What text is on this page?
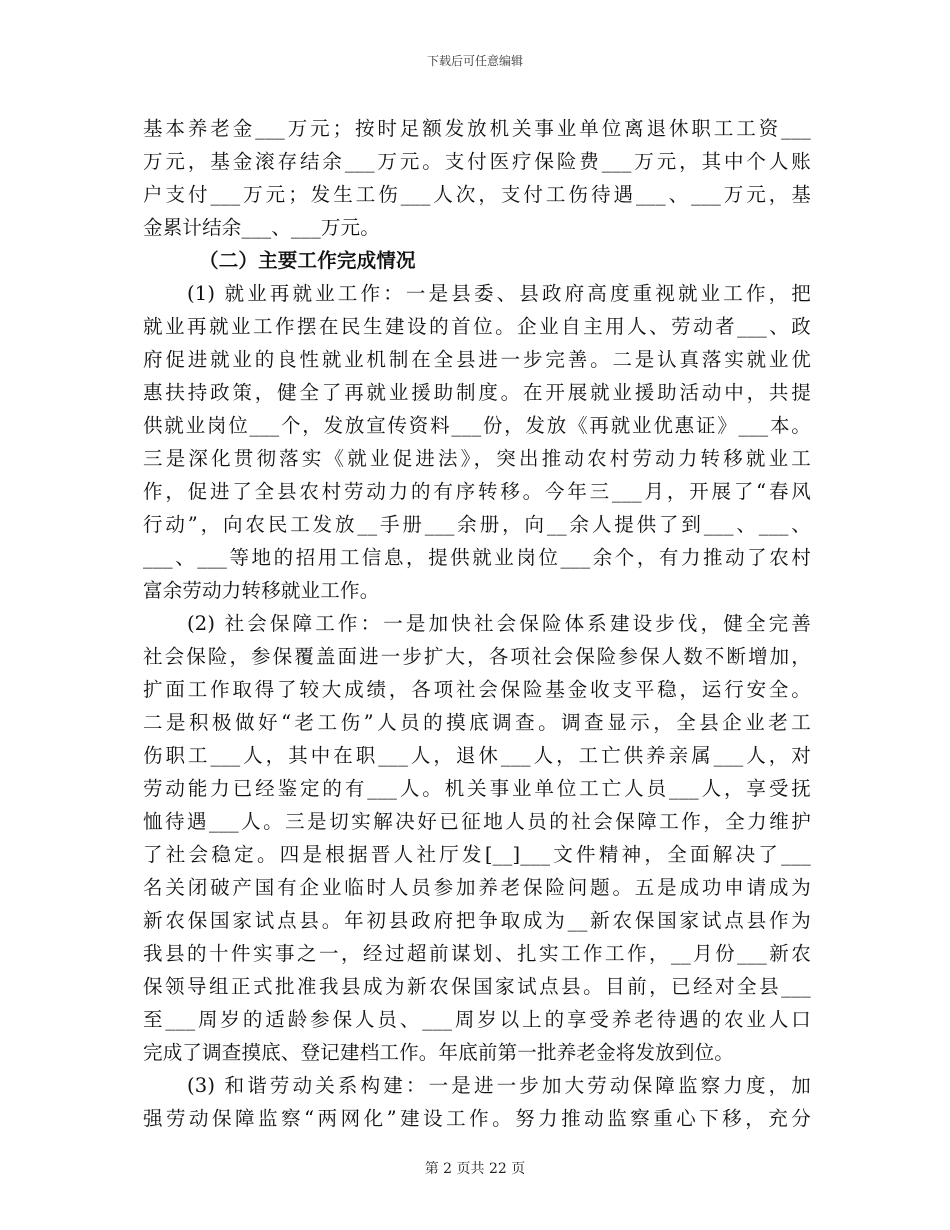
下载后可任意编辑
基本养老金___万元；按时足额发放机关事业单位离退休职工工资___
万元，基金滚存结余___万元。支付医疗保险费___万元，其中个人账
户支付___万元；发生工伤___人次，支付工伤待遇___、___万元，基
金累计结余___、___万元。
（二）主要工作完成情况
(1) 就业再就业工作：一是县委、县政府高度重视就业工作，把
就业再就业工作摆在民生建设的首位。企业自主用人、劳动者___、政
府促进就业的良性就业机制在全县进一步完善。二是认真落实就业优
惠扶持政策，健全了再就业援助制度。在开展就业援助活动中，共提
供就业岗位___个，发放宣传资料___份，发放《再就业优惠证》___本。
三是深化贯彻落实《就业促进法》，突出推动农村劳动力转移就业工
作，促进了全县农村劳动力的有序转移。今年三___月，开展了“春风
行动”，向农民工发放__手册___余册，向__余人提供了到___、___、
___、___等地的招用工信息，提供就业岗位___余个，有力推动了农村
富余劳动力转移就业工作。
(2) 社会保障工作：一是加快社会保险体系建设步伐，健全完善
社会保险，参保覆盖面进一步扩大，各项社会保险参保人数不断增加，
扩面工作取得了较大成绩，各项社会保险基金收支平稳，运行安全。
二是积极做好“老工伤”人员的摸底调查。调查显示，全县企业老工
伤职工___人，其中在职___人，退休___人，工亡供养亲属___人，对
劳动能力已经鉴定的有___人。机关事业单位工亡人员___人，享受抚
恤待遇___人。三是切实解决好已征地人员的社会保障工作，全力维护
了社会稳定。四是根据晋人社厅发[__]___文件精神，全面解决了___
名关闭破产国有企业临时人员参加养老保险问题。五是成功申请成为
新农保国家试点县。年初县政府把争取成为__新农保国家试点县作为
我县的十件实事之一，经过超前谋划、扎实工作工作，__月份___新农
保领导组正式批准我县成为新农保国家试点县。目前，已经对全县___
至___周岁的适龄参保人员、___周岁以上的享受养老待遇的农业人口
完成了调查摸底、登记建档工作。年底前第一批养老金将发放到位。
(3) 和谐劳动关系构建：一是进一步加大劳动保障监察力度，加
强劳动保障监察“两网化”建设工作。努力推动监察重心下移，充分
第 2 页共 22 页
